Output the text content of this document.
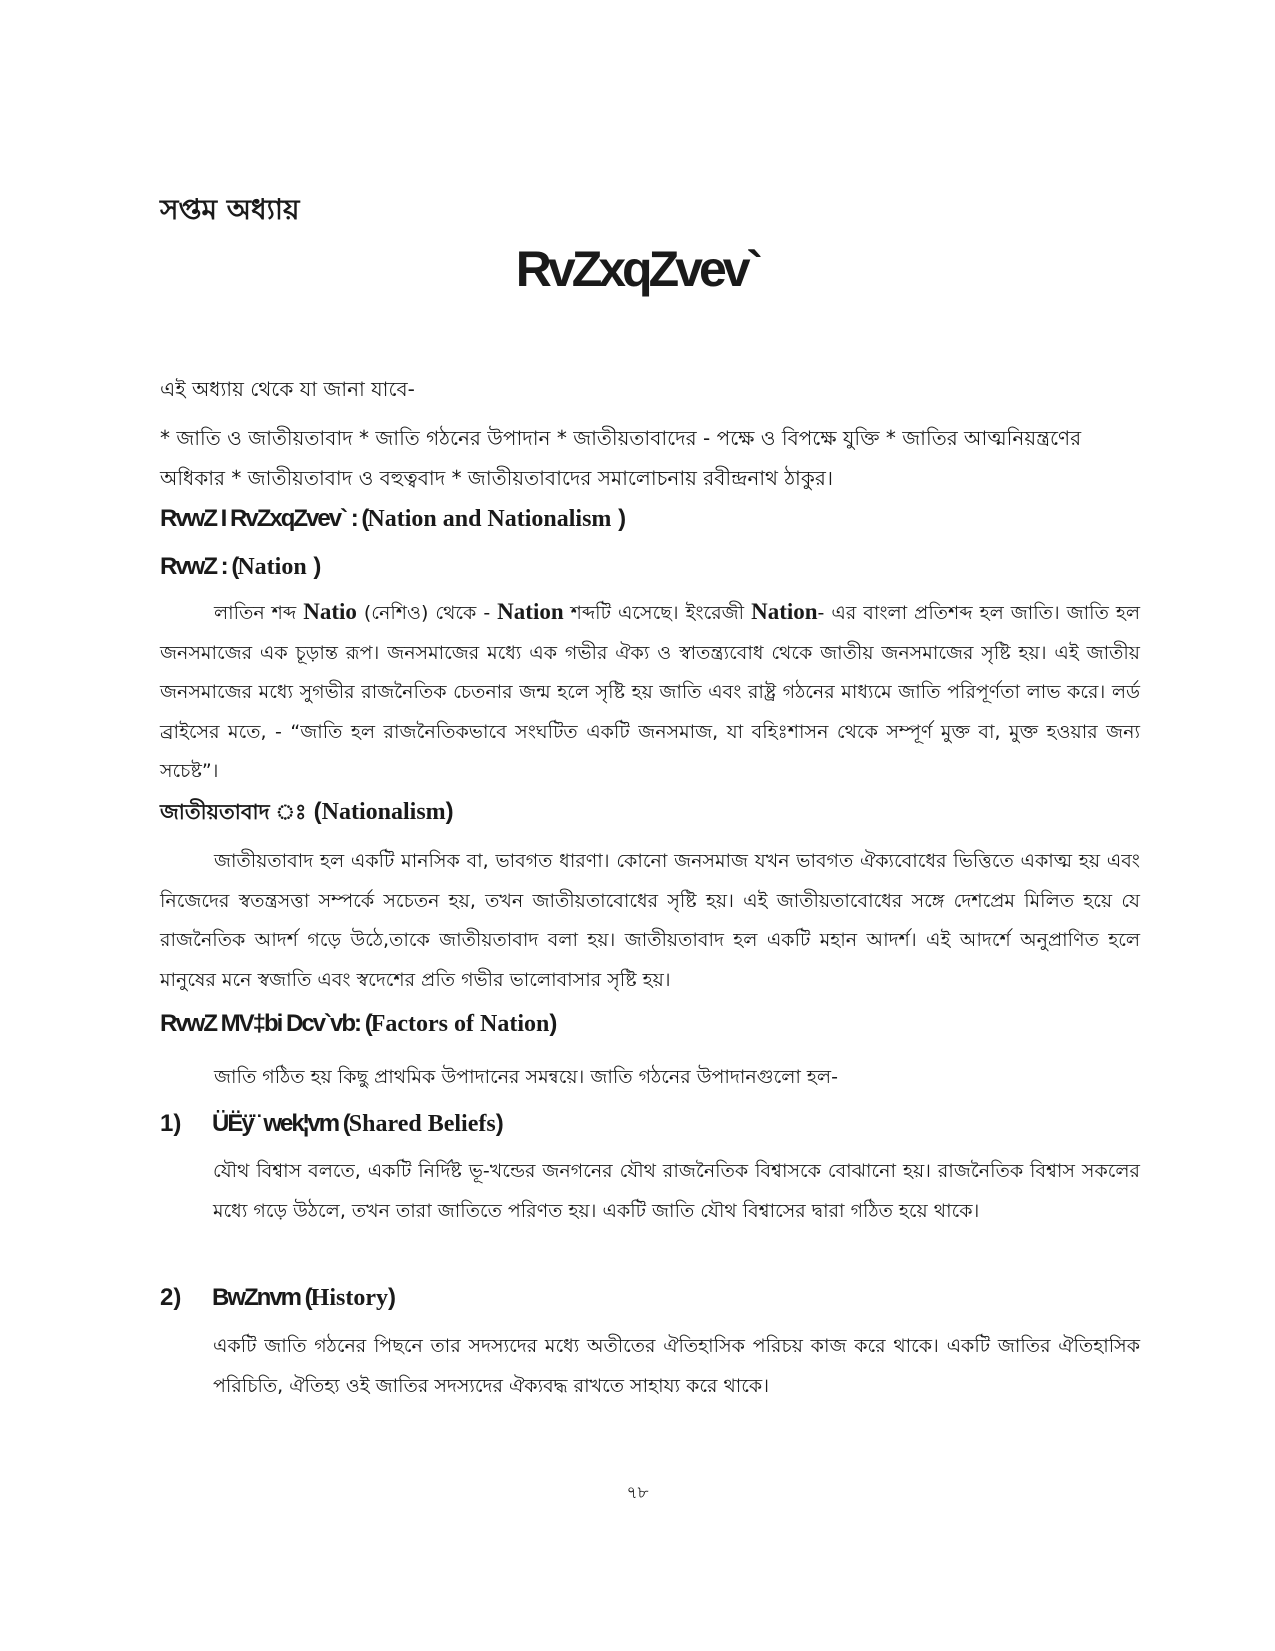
সপ্তম অধ্যায়
RvZxqZvev`
এই অধ্যায় থেকে যা জানা যাবে-
* জাতি ও জাতীয়তাবাদ * জাতি গঠনের উপাদান * জাতীয়তাবাদের - পক্ষে ও বিপক্ষে যুক্তি * জাতির আত্মনিয়ন্ত্রণের অধিকার * জাতীয়তাবাদ ও বহুত্ববাদ * জাতীয়তাবাদের সমালোচনায় রবীন্দ্রনাথ ঠাকুর।
RvwZ I RvZxqZvev` : (Nation and Nationalism )
RvwZ : (Nation )
লাতিন শব্দ Natio (নেশিও) থেকে - Nation শব্দটি এসেছে। ইংরেজী Nation- এর বাংলা প্রতিশব্দ হল জাতি। জাতি হল জনসমাজের এক চূড়ান্ত রূপ। জনসমাজের মধ্যে এক গভীর ঐক্য ও স্বাতন্ত্র্যবোধ থেকে জাতীয় জনসমাজের সৃষ্টি হয়। এই জাতীয় জনসমাজের মধ্যে সুগভীর রাজনৈতিক চেতনার জন্ম হলে সৃষ্টি হয় জাতি এবং রাষ্ট্র গঠনের মাধ্যমে জাতি পরিপূর্ণতা লাভ করে। লর্ড ব্রাইসের মতে, - “জাতি হল রাজনৈতিকভাবে সংঘটিত একটি জনসমাজ, যা বহিঃশাসন থেকে সম্পূর্ণ মুক্ত বা, মুক্ত হওয়ার জন্য সচেষ্ট”।
জাতীয়তাবাদ ঃ (Nationalism)
জাতীয়তাবাদ হল একটি মানসিক বা, ভাবগত ধারণা। কোনো জনসমাজ যখন ভাবগত ঐক্যবোধের ভিত্তিতে একাত্ম হয় এবং নিজেদের স্বতন্ত্রসত্তা সম্পর্কে সচেতন হয়, তখন জাতীয়তাবোধের সৃষ্টি হয়। এই জাতীয়তাবোধের সঙ্গে দেশপ্রেম মিলিত হয়ে যে রাজনৈতিক আদর্শ গড়ে উঠে,তাকে জাতীয়তাবাদ বলা হয়। জাতীয়তাবাদ হল একটি মহান আদর্শ। এই আদর্শে অনুপ্রাণিত হলে মানুষের মনে স্বজাতি এবং স্বদেশের প্রতি গভীর ভালোবাসার সৃষ্টি হয়।
RvwZ MV‡bi Dcv`vb: (Factors of Nation)
জাতি গঠিত হয় কিছু প্রাথমিক উপাদানের সমন্বয়ে। জাতি গঠনের উপাদানগুলো হল-
1) ÜËÿ¨ wek¦vm (Shared Beliefs)
যৌথ বিশ্বাস বলতে, একটি নির্দিষ্ট ভূ-খন্ডের জনগনের যৌথ রাজনৈতিক বিশ্বাসকে বোঝানো হয়। রাজনৈতিক বিশ্বাস সকলের মধ্যে গড়ে উঠলে, তখন তারা জাতিতে পরিণত হয়। একটি জাতি যৌথ বিশ্বাসের দ্বারা গঠিত হয়ে থাকে।
2) BwZnvm (History)
একটি জাতি গঠনের পিছনে তার সদস্যদের মধ্যে অতীতের ঐতিহাসিক পরিচয় কাজ করে থাকে। একটি জাতির ঐতিহাসিক পরিচিতি, ঐতিহ্য ওই জাতির সদস্যদের ঐক্যবদ্ধ রাখতে সাহায্য করে থাকে।
৭৮
